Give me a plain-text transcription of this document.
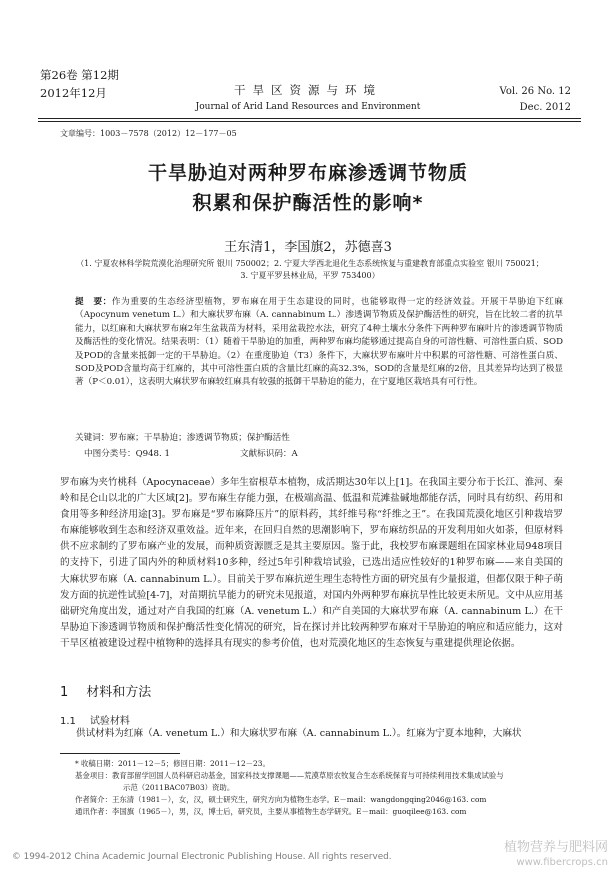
第26卷 第12期
2012年12月	干旱区资源与环境
Journal of Arid Land Resources and Environment
Vol. 26 No. 12
Dec. 2012
文章编号：1003－7578（2012）12－177－05
干旱胁迫对两种罗布麻渗透调节物质
积累和保护酶活性的影响*
王东清1，李国旗2，苏德喜3
（1. 宁夏农林科学院荒漠化治理研究所 银川 750002；2. 宁夏大学西北退化生态系统恢复与重建教育部重点实验室 银川 750021；
3. 宁夏平罗县林业局，平罗 753400）
提　要：作为重要的生态经济型植物，罗布麻在用于生态建设的同时，也能够取得一定的经济效益。开展干旱胁迫下红麻（Apocynum venetum L.）和大麻状罗布麻（A. cannabinum L.）渗透调节物质及保护酶活性的研究，旨在比较二者的抗旱能力，以红麻和大麻状罗布麻2年生盆栽苗为材料，采用盆栽控水法，研究了4种土壤水分条件下两种罗布麻叶片的渗透调节物质及酶活性的变化情况。结果表明：（1）随着干旱胁迫的加重，两种罗布麻均能够通过提高自身的可溶性糖、可溶性蛋白质、SOD及POD的含量来抵御一定的干旱胁迫。（2）在重度胁迫（T3）条件下，大麻状罗布麻叶片中积累的可溶性糖、可溶性蛋白质、SOD及POD含量均高于红麻的，其中可溶性蛋白质的含量比红麻的高32.3%，SOD的含量是红麻的2倍，且其差异均达到了极显著（P＜0.01），这表明大麻状罗布麻较红麻具有较强的抵御干旱胁迫的能力，在宁夏地区栽培具有可行性。
关键词：罗布麻；干旱胁迫；渗透调节物质；保护酶活性
中图分类号：Q948. 1	文献标识码：A
罗布麻为夹竹桃科（Apocynaceae）多年生宿根草本植物，成活期达30年以上[1]。在我国主要分布于长江、淮河、秦岭和昆仑山以北的广大区域[2]。罗布麻生存能力强，在极端高温、低温和荒滩盐碱地都能存活，同时具有纺织、药用和食用等多种经济用途[3]。罗布麻是“罗布麻降压片”的原料药，其纤维号称“纤维之王”。在我国荒漠化地区引种栽培罗布麻能够收到生态和经济双重效益。近年来，在回归自然的思潮影响下，罗布麻纺织品的开发利用如火如荼，但原材料供不应求制约了罗布麻产业的发展，而种质资源匮乏是其主要原因。鉴于此，我校罗布麻课题组在国家林业局948项目的支持下，引进了国内外的种质材料10多种，经过5年引种栽培试验，已选出适应性较好的1种罗布麻——来自美国的大麻状罗布麻（A. cannabinum L.）。目前关于罗布麻抗逆生理生态特性方面的研究虽有少量报道，但都仅限于种子萌发方面的抗逆性试验[4-7]，对苗期抗旱能力的研究未见报道，对国内外两种罗布麻抗旱性比较更未所见。文中从应用基础研究角度出发，通过对产自我国的红麻（A. venetum L.）和产自美国的大麻状罗布麻（A. cannabinum L.）在干旱胁迫下渗透调节物质和保护酶活性变化情况的研究，旨在探讨并比较两种罗布麻对干旱胁迫的响应和适应能力，这对干旱区植被建设过程中植物种的选择具有现实的参考价值，也对荒漠化地区的生态恢复与重建提供理论依据。
1 材料和方法
1.1 试验材料
供试材料为红麻（A. venetum L.）和大麻状罗布麻（A. cannabinum L.）。红麻为宁夏本地种，大麻状
* 收稿日期：2011－12－5；修回日期：2011－12－23。
基金项目：教育部留学回国人员科研启动基金，国家科技支撑课题——荒漠草原农牧复合生态系统保育与可持续利用技术集成试验与
示范（2011BAC07B03）资助。
作者简介：王东清（1981－），女，汉，硕士研究生，研究方向为植物生态学。E－mail：wangdongqing2046@163. com
通讯作者：李国旗（1965－），男，汉，博士后，研究员，主要从事植物生态学研究。E－mail：guoqilee@163. com
© 1994-2012 China Academic Journal Electronic Publishing House. All rights reserved.
植物营养与肥料网
www.fibercrops.cn
